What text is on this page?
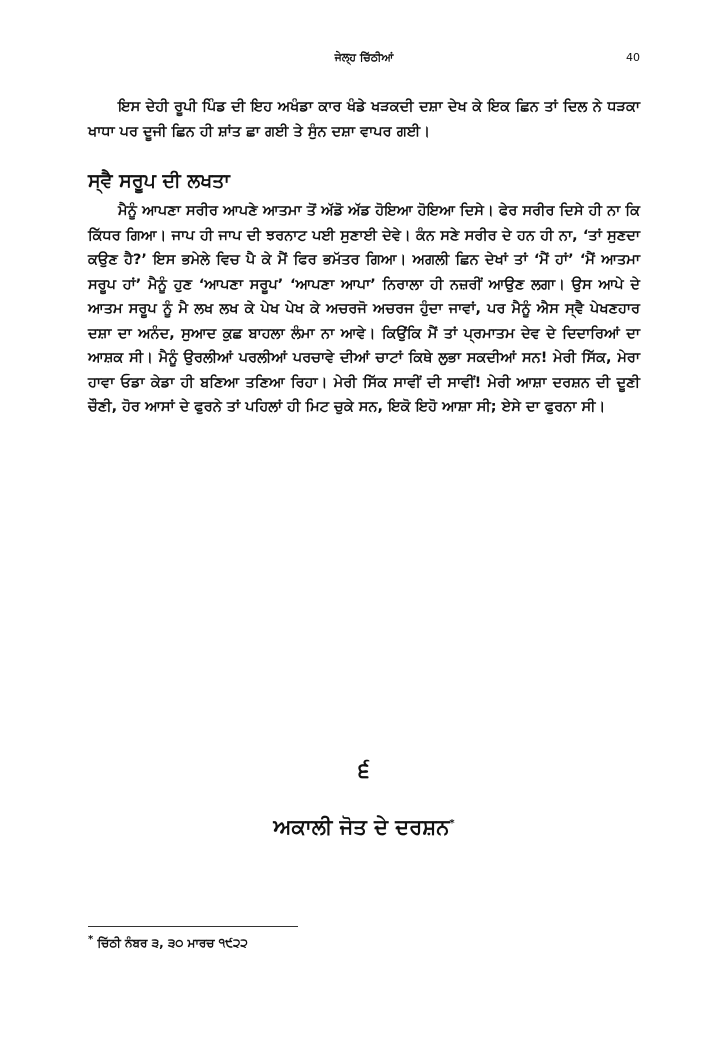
ਜੇਲ੍ਹ ਚਿੱਠੀਆਂ	40

ਇਸ ਦੇਹੀ ਰੂਪੀ ਪਿੰਡ ਦੀ ਇਹ ਅਖੰਡਾ ਕਾਰ ਖੰਡੇ ਖੜਕਦੀ ਦਸ਼ਾ ਦੇਖ ਕੇ ਇਕ ਛਿਨ ਤਾਂ ਦਿਲ ਨੇ ਧੜਕਾ ਖਾਧਾ ਪਰ ਦੂਜੀ ਛਿਨ ਹੀ ਸ਼ਾਂਤ ਛਾ ਗਈ ਤੇ ਸੁੰਨ ਦਸ਼ਾ ਵਾਪਰ ਗਈ।

ਸ੍ਵੈ ਸਰੂਪ ਦੀ ਲਖਤਾ

ਮੈਨੂੰ ਆਪਣਾ ਸਰੀਰ ਆਪਣੇ ਆਤਮਾ ਤੋਂ ਅੱਡੋ ਅੱਡ ਹੋਇਆ ਹੋਇਆ ਦਿਸੇ। ਫੇਰ ਸਰੀਰ ਦਿਸੇ ਹੀ ਨਾ ਕਿ ਕਿੱਧਰ ਗਿਆ। ਜਾਪ ਹੀ ਜਾਪ ਦੀ ਝਰਨਾਟ ਪਈ ਸੁਣਾਈ ਦੇਵੇ। ਕੰਨ ਸਣੇ ਸਰੀਰ ਦੇ ਹਨ ਹੀ ਨਾ, ‘ਤਾਂ ਸੁਣਦਾ ਕਉਣ ਹੈ?’ ਇਸ ਭਮੇਲੇ ਵਿਚ ਪੈ ਕੇ ਮੈਂ ਫਿਰ ਭਮੱਤਰ ਗਿਆ। ਅਗਲੀ ਛਿਨ ਦੇਖਾਂ ਤਾਂ ‘ਮੈਂ ਹਾਂ’ ‘ਮੈਂ ਆਤਮਾ ਸਰੂਪ ਹਾਂ’ ਮੈਨੂੰ ਹੁਣ ‘ਆਪਣਾ ਸਰੂਪ’ ‘ਆਪਣਾ ਆਪਾ’ ਨਿਰਾਲਾ ਹੀ ਨਜ਼ਰੀਂ ਆਉਣ ਲਗਾ। ਉਸ ਆਪੇ ਦੇ ਆਤਮ ਸਰੂਪ ਨੂੰ ਮੈ ਲਖ ਲਖ ਕੇ ਪੇਖ ਪੇਖ ਕੇ ਅਚਰਜੋ ਅਚਰਜ ਹੁੰਦਾ ਜਾਵਾਂ, ਪਰ ਮੈਨੂੰ ਐਸ ਸ੍ਵੈ ਪੇਖਣਹਾਰ ਦਸ਼ਾ ਦਾ ਅਨੰਦ, ਸੁਆਦ ਕੁਛ ਬਾਹਲਾ ਲੰਮਾ ਨਾ ਆਵੇ। ਕਿਉਂਕਿ ਮੈਂ ਤਾਂ ਪ੍ਰਮਾਤਮ ਦੇਵ ਦੇ ਦਿਦਾਰਿਆਂ ਦਾ ਆਸ਼ਕ ਸੀ। ਮੈਨੂੰ ਉਰਲੀਆਂ ਪਰਲੀਆਂ ਪਰਚਾਵੇ ਦੀਆਂ ਚਾਟਾਂ ਕਿਥੇ ਲੁਭਾ ਸਕਦੀਆਂ ਸਨ! ਮੇਰੀ ਸਿੱਕ, ਮੇਰਾ ਹਾਵਾ ਓਡਾ ਕੇਡਾ ਹੀ ਬਣਿਆ ਤਣਿਆ ਰਿਹਾ। ਮੇਰੀ ਸਿੱਕ ਸਾਵੀਂ ਦੀ ਸਾਵੀਂ! ਮੇਰੀ ਆਸ਼ਾ ਦਰਸ਼ਨ ਦੀ ਦੂਣੀ ਚੌਣੀ, ਹੋਰ ਆਸਾਂ ਦੇ ਫੁਰਨੇ ਤਾਂ ਪਹਿਲਾਂ ਹੀ ਮਿਟ ਚੁਕੇ ਸਨ, ਇਕੋ ਇਹੋ ਆਸ਼ਾ ਸੀ; ਏਸੇ ਦਾ ਫੁਰਨਾ ਸੀ।

੬
ਅਕਾਲੀ ਜੋਤ ਦੇ ਦਰਸ਼ਨ*
* ਚਿੱਠੀ ਨੰਬਰ ੩, ੩੦ ਮਾਰਚ ੧੯੨੨
